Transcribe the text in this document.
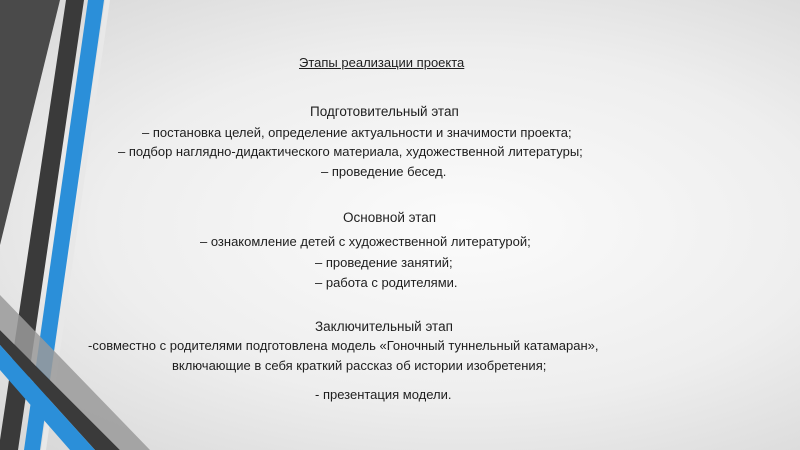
Этапы реализации проекта
Подготовительный этап
– постановка целей, определение актуальности и значимости проекта;
– подбор наглядно-дидактического материала, художественной литературы;
– проведение бесед.
Основной этап
– ознакомление детей с художественной литературой;
– проведение занятий;
– работа с родителями.
Заключительный этап
-совместно с родителями подготовлена модель «Гоночный туннельный катамаран»,
включающие в себя краткий рассказ об истории изобретения;
- презентация модели.
